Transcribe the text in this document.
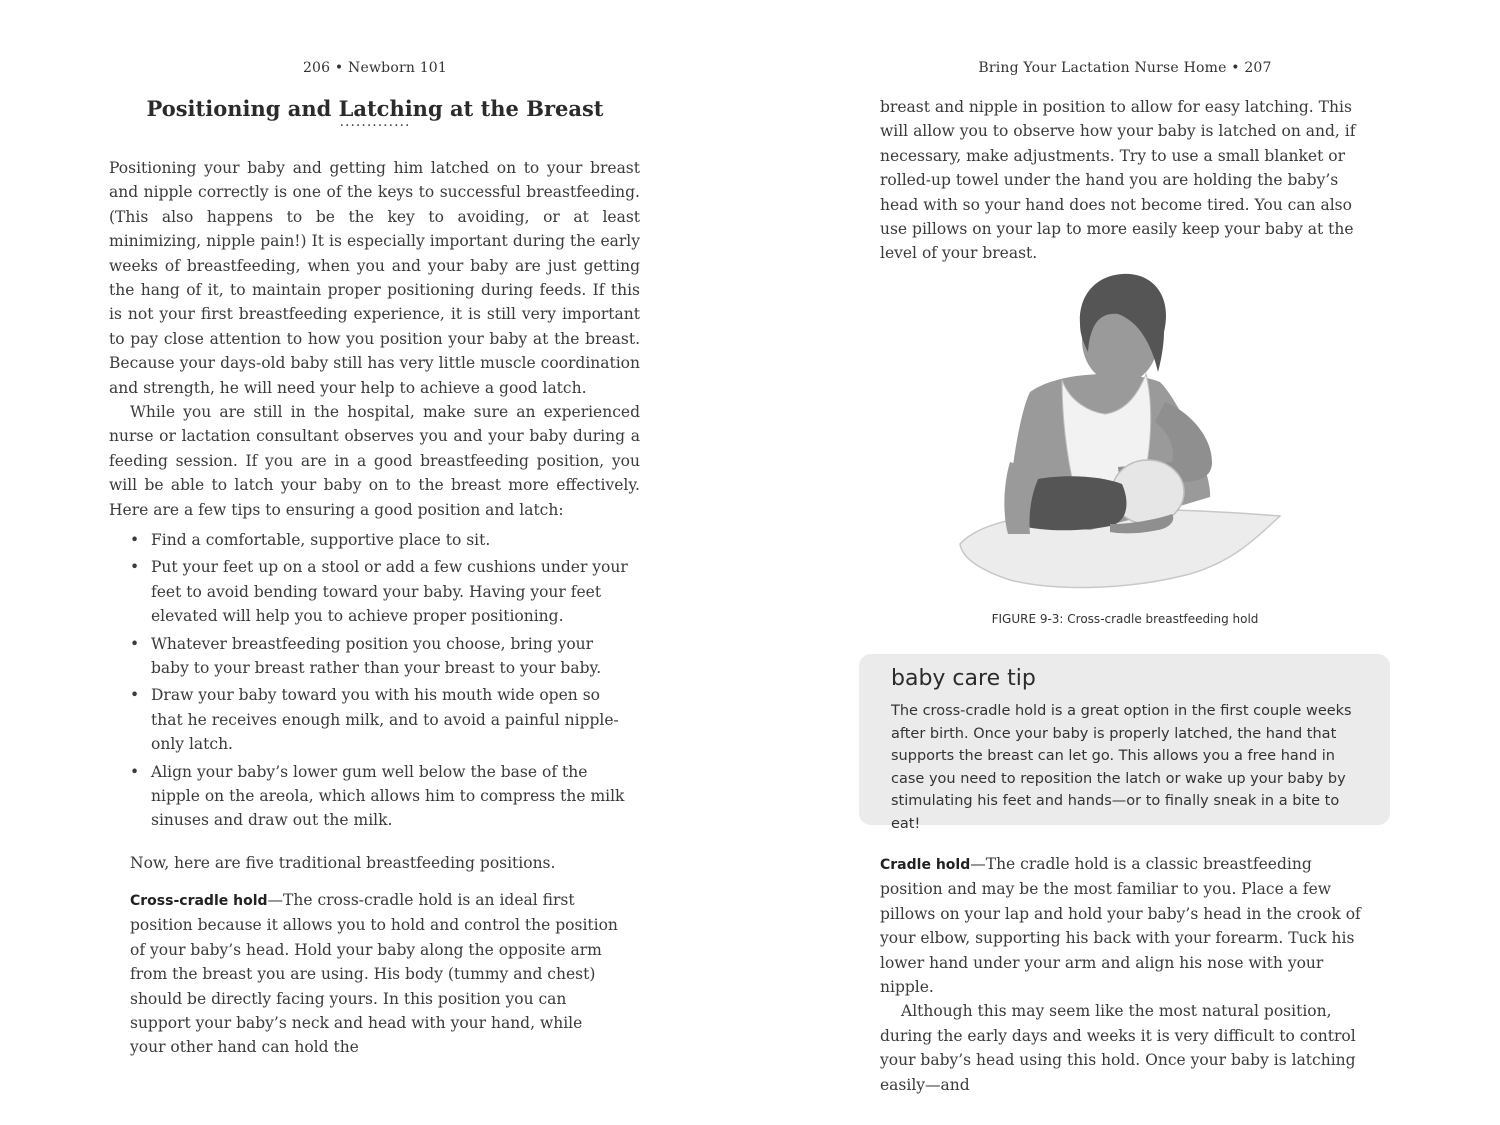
206 • Newborn 101
Positioning and Latching at the Breast
·············

Positioning your baby and getting him latched on to your breast and nipple correctly is one of the keys to successful breastfeeding. (This also happens to be the key to avoiding, or at least minimizing, nipple pain!) It is especially important during the early weeks of breastfeeding, when you and your baby are just getting the hang of it, to maintain proper positioning during feeds. If this is not your first breastfeeding experience, it is still very important to pay close attention to how you position your baby at the breast. Because your days-old baby still has very little muscle coordination and strength, he will need your help to achieve a good latch.

While you are still in the hospital, make sure an experienced nurse or lactation consultant observes you and your baby during a feeding session. If you are in a good breastfeeding position, you will be able to latch your baby on to the breast more effectively. Here are a few tips to ensuring a good position and latch:

• Find a comfortable, supportive place to sit.
• Put your feet up on a stool or add a few cushions under your feet to avoid bending toward your baby. Having your feet elevated will help you to achieve proper positioning.
• Whatever breastfeeding position you choose, bring your baby to your breast rather than your breast to your baby.
• Draw your baby toward you with his mouth wide open so that he receives enough milk, and to avoid a painful nipple-only latch.
• Align your baby’s lower gum well below the base of the nipple on the areola, which allows him to compress the milk sinuses and draw out the milk.

Now, here are five traditional breastfeeding positions.

Cross-cradle hold—The cross-cradle hold is an ideal first position because it allows you to hold and control the position of your baby’s head. Hold your baby along the opposite arm from the breast you are using. His body (tummy and chest) should be directly facing yours. In this position you can support your baby’s neck and head with your hand, while your other hand can hold the

Bring Your Lactation Nurse Home • 207

breast and nipple in position to allow for easy latching. This will allow you to observe how your baby is latched on and, if necessary, make adjustments. Try to use a small blanket or rolled-up towel under the hand you are holding the baby’s head with so your hand does not become tired. You can also use pillows on your lap to more easily keep your baby at the level of your breast.

FIGURE 9-3: Cross-cradle breastfeeding hold
baby care tip
The cross-cradle hold is a great option in the first couple weeks after birth. Once your baby is properly latched, the hand that supports the breast can let go. This allows you a free hand in case you need to reposition the latch or wake up your baby by stimulating his feet and hands—or to finally sneak in a bite to eat!

Cradle hold—The cradle hold is a classic breastfeeding position and may be the most familiar to you. Place a few pillows on your lap and hold your baby’s head in the crook of your elbow, supporting his back with your forearm. Tuck his lower hand under your arm and align his nose with your nipple.

Although this may seem like the most natural position, during the early days and weeks it is very difficult to control your baby’s head using this hold. Once your baby is latching easily—and
